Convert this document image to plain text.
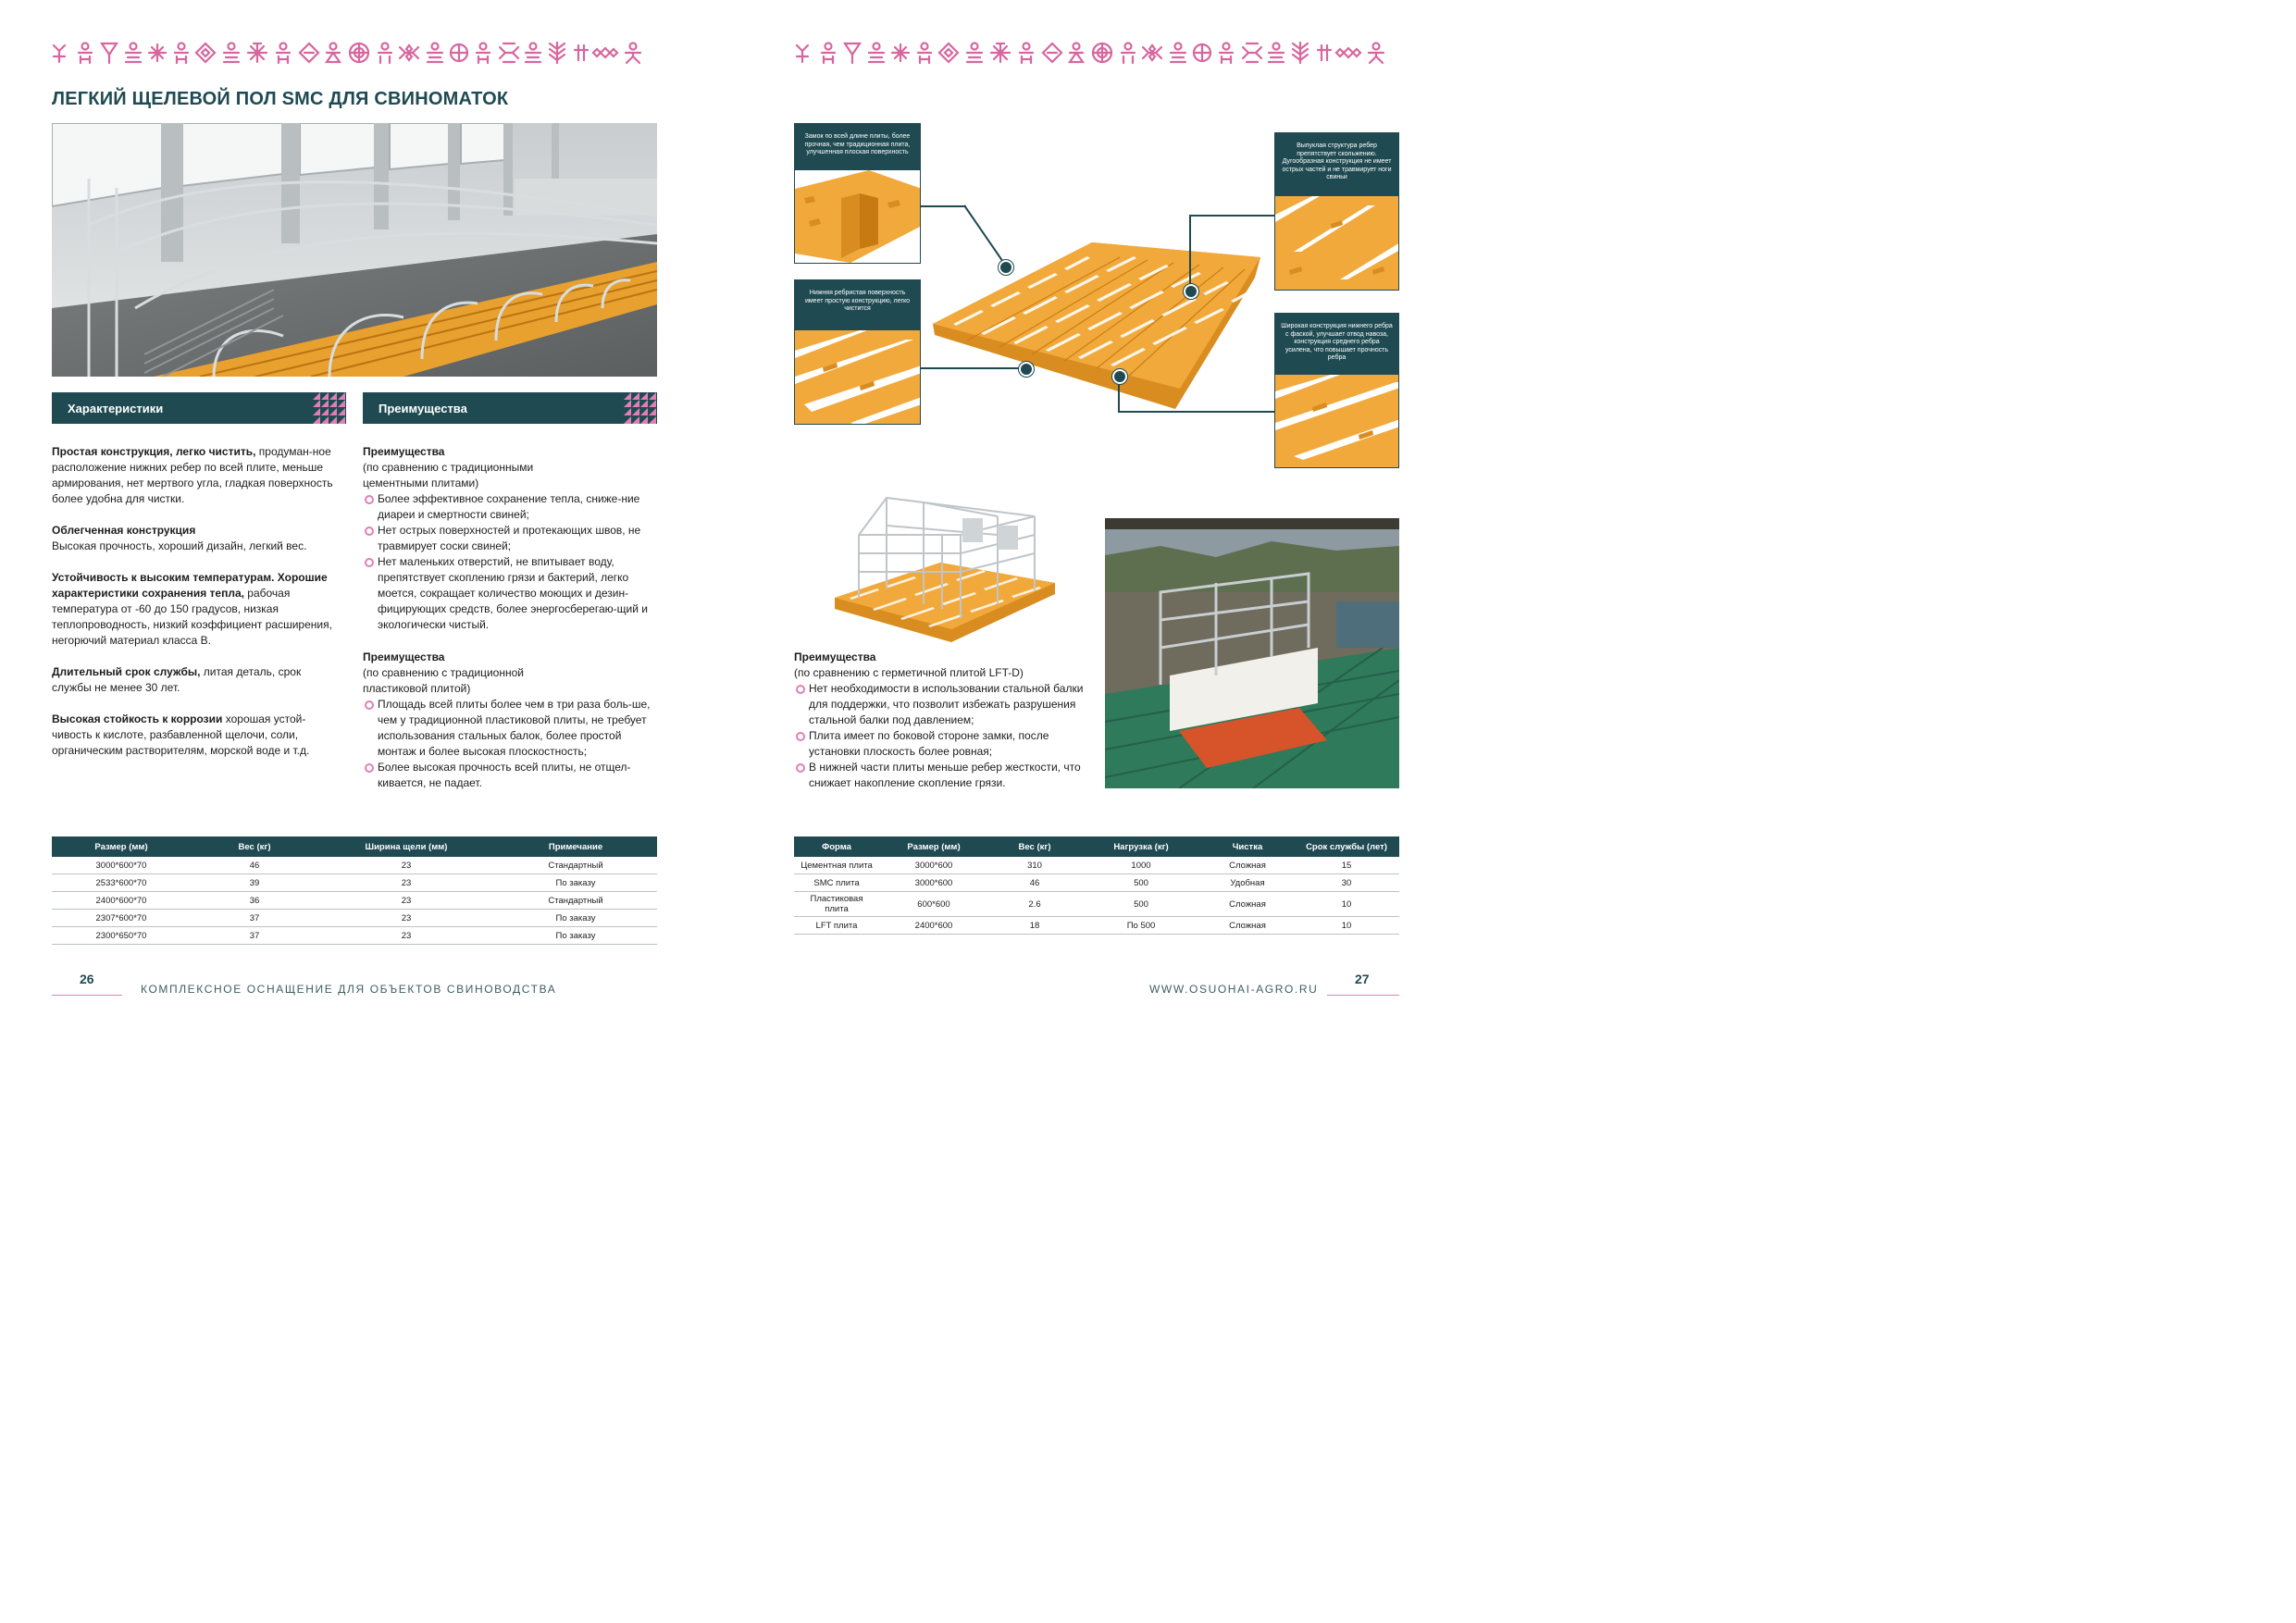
ЛЕГКИЙ ЩЕЛЕВОЙ ПОЛ SMC ДЛЯ СВИНОМАТОК
Характеристики	Преимущества

Простая конструкция, легко чистить, продуман-ное расположение нижних ребер по всей плите, меньше армирования, нет мертвого угла, гладкая поверхность более удобна для чистки.

Облегченная конструкция
Высокая прочность, хороший дизайн, легкий вес.

Устойчивость к высоким температурам. Хорошие характеристики сохранения тепла, рабочая температура от -60 до 150 градусов, низкая теплопроводность, низкий коэффициент расширения, негорючий материал класса В.

Длительный срок службы, литая деталь, срок службы не менее 30 лет.

Высокая стойкость к коррозии хорошая устой-чивость к кислоте, разбавленной щелочи, соли, органическим растворителям, морской воде и т.д.

Преимущества
(по сравнению с традиционными цементными плитами)
Более эффективное сохранение тепла, сниже-ние диареи и смертности свиней;
Нет острых поверхностей и протекающих швов, не травмирует соски свиней;
Нет маленьких отверстий, не впитывает воду, препятствует скоплению грязи и бактерий, легко моется, сокращает количество моющих и дезин-фицирующих средств, более энергосберегаю-щий и экологически чистый.
Преимущества
(по сравнению с традиционной пластиковой плитой)
Площадь всей плиты более чем в три раза боль-ше, чем у традиционной пластиковой плиты, не требует использования стальных балок, более простой монтаж и более высокая плоскостность;
Более высокая прочность всей плиты, не отщел-кивается, не падает.
Размер (мм)	Вес (кг)	Ширина щели (мм)	Примечание
3000*600*70	46	23	Стандартный
2533*600*70	39	23	По заказу
2400*600*70	36	23	Стандартный
2307*600*70	37	23	По заказу
2300*650*70	37	23	По заказу
26
КОМПЛЕКСНОЕ ОСНАЩЕНИЕ ДЛЯ ОБЪЕКТОВ СВИНОВОДСТВА
Замок по всей длине плиты, более прочная, чем традиционная плита, улучшенная плоская поверхность
Нижняя ребристая поверхность имеет простую конструкцию, легко чистится
Выпуклая структура ребер препятствует скольжению. Дугообразная конструкция не имеет острых частей и не травмирует ноги свиньи
Широкая конструкция нижнего ребра с фаской, улучшает отвод навоза, конструкция среднего ребра усилена, что повышает прочность ребра
Преимущества
(по сравнению с герметичной плитой LFT-D)
Нет необходимости в использовании стальной балки для поддержки, что позволит избежать разрушения стальной балки под давлением;
Плита имеет по боковой стороне замки, после установки плоскость более ровная;
В нижней части плиты меньше ребер жесткости, что снижает накопление скопление грязи.
Форма	Размер (мм)	Вес (кг)	Нагрузка (кг)	Чистка	Срок службы (лет)
Цементная плита	3000*600	310	1000	Сложная	15
SMC плита	3000*600	46	500	Удобная	30
Пластиковая плита	600*600	2.6	500	Сложная	10
LFT плита	2400*600	18	По 500	Сложная	10
WWW.OSUOHAI-AGRO.RU
27
